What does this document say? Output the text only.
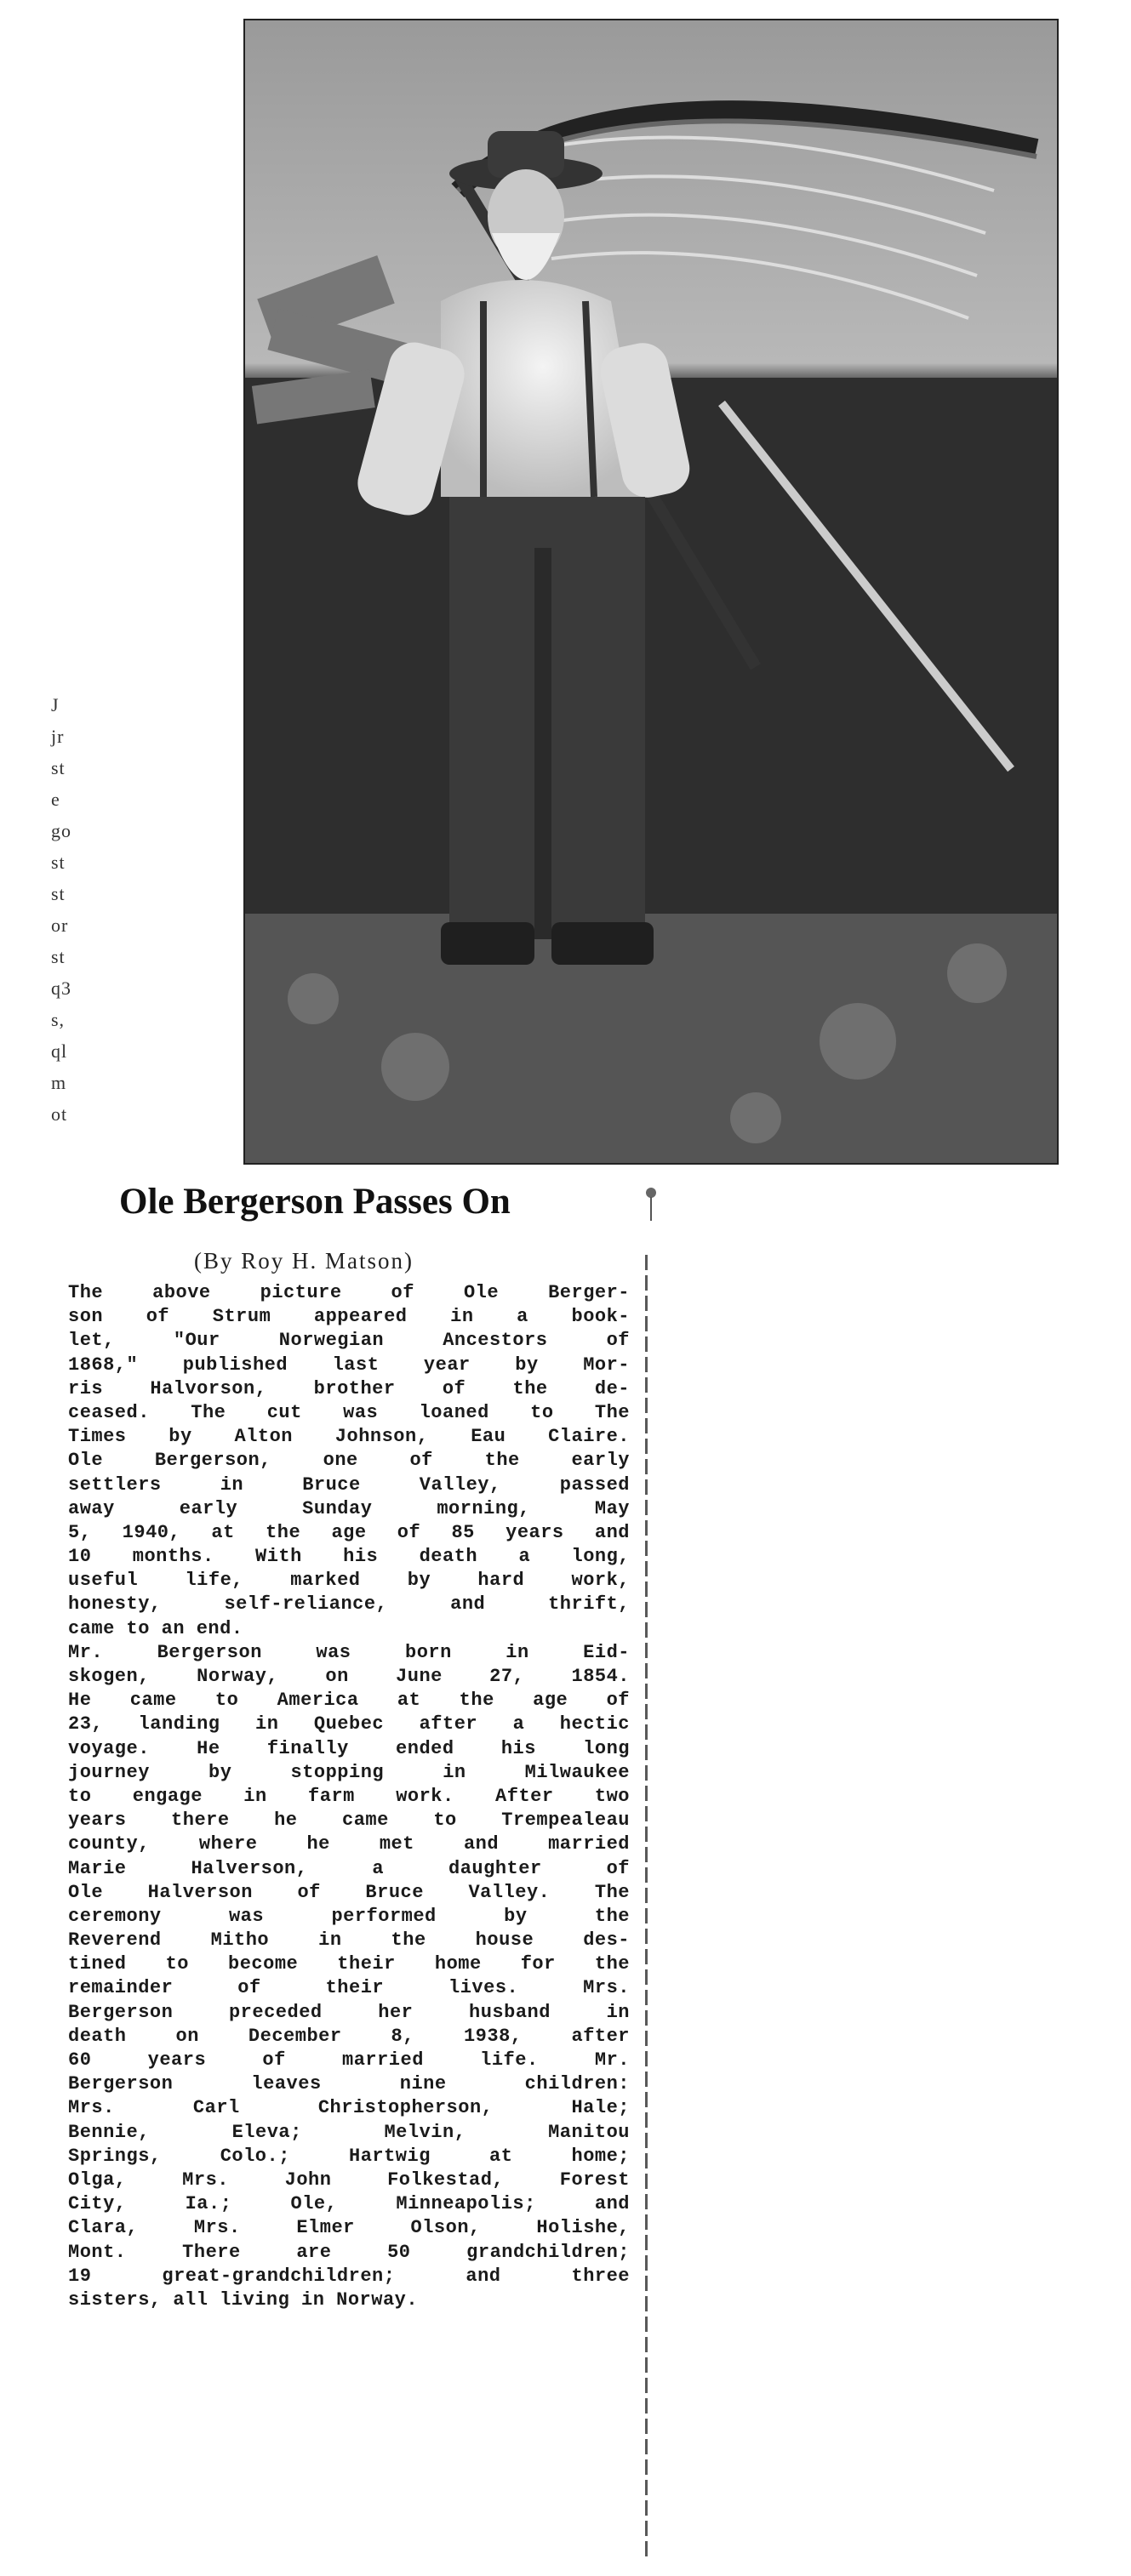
J
jr
st
e
go
st
st
or
st
q3
s,
ql
m
ot
Ole Bergerson Passes On
(By Roy H. Matson)
The above picture of Ole Berger-
son of Strum appeared in a book-
let, "Our Norwegian Ancestors of
1868," published last year by Mor-
ris Halvorson, brother of the de-
ceased. The cut was loaned to The
Times by Alton Johnson, Eau Claire.
Ole Bergerson, one of the early
settlers in Bruce Valley, passed
away early Sunday morning, May
5, 1940, at the age of 85 years and
10 months. With his death a long,
useful life, marked by hard work,
honesty, self-reliance, and thrift,
came to an end.
Mr. Bergerson was born in Eid-
skogen, Norway, on June 27, 1854.
He came to America at the age of
23, landing in Quebec after a hectic
voyage. He finally ended his long
journey by stopping in Milwaukee
to engage in farm work. After two
years there he came to Trempealeau
county, where he met and married
Marie Halverson, a daughter of
Ole Halverson of Bruce Valley. The
ceremony was performed by the
Reverend Mitho in the house des-
tined to become their home for the
remainder of their lives. Mrs.
Bergerson preceded her husband in
death on December 8, 1938, after
60 years of married life. Mr.
Bergerson leaves nine children:
Mrs. Carl Christopherson, Hale;
Bennie, Eleva; Melvin, Manitou
Springs, Colo.; Hartwig at home;
Olga, Mrs. John Folkestad, Forest
City, Ia.; Ole, Minneapolis; and
Clara, Mrs. Elmer Olson, Holishe,
Mont. There are 50 grandchildren;
19 great-grandchildren; and three
sisters, all living in Norway.
